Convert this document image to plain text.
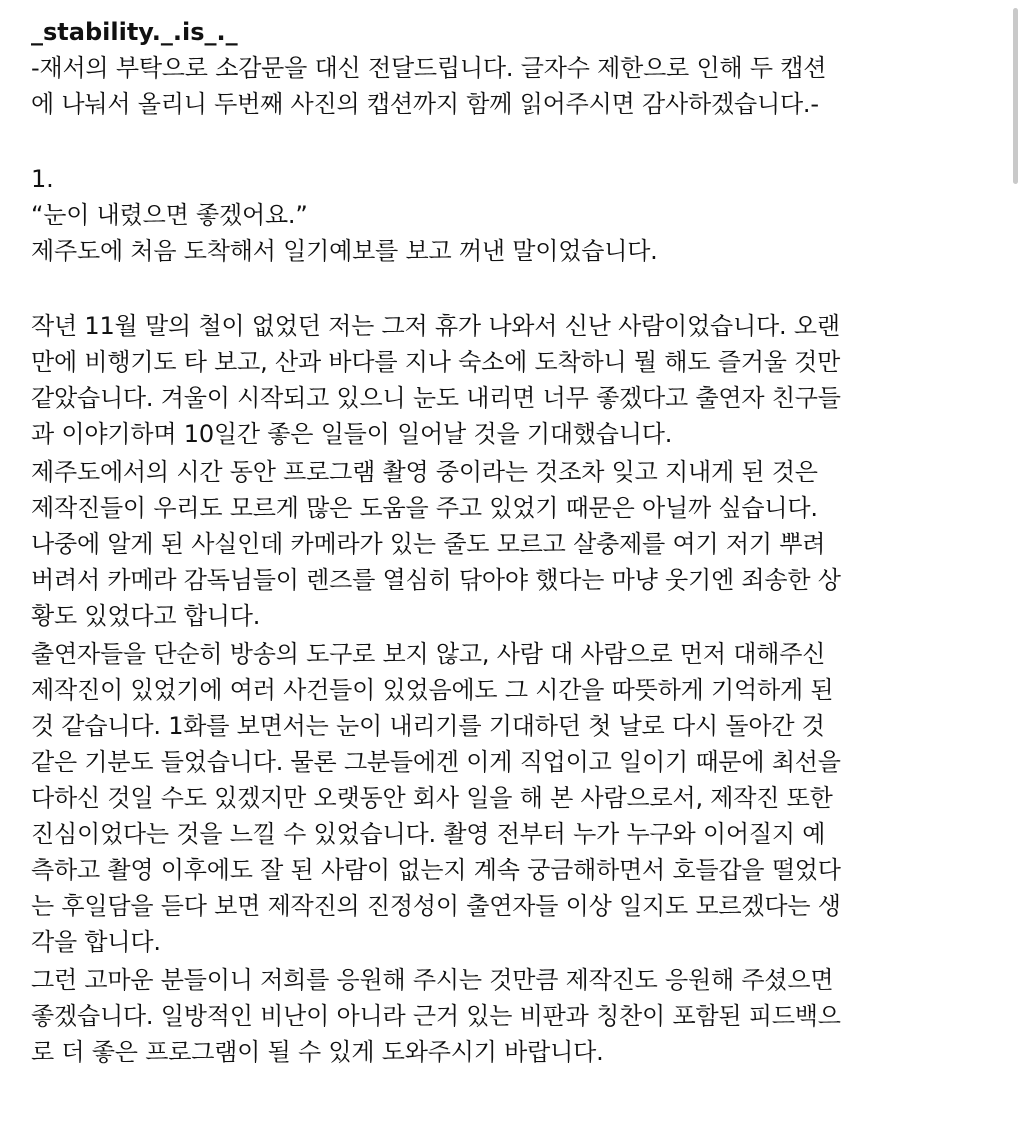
_stability._.is_._
-재서의 부탁으로 소감문을 대신 전달드립니다. 글자수 제한으로 인해 두 캡션
에 나눠서 올리니 두번째 사진의 캡션까지 함께 읽어주시면 감사하겠습니다.-
1.
“눈이 내렸으면 좋겠어요.”
제주도에 처음 도착해서 일기예보를 보고 꺼낸 말이었습니다.
작년 11월 말의 철이 없었던 저는 그저 휴가 나와서 신난 사람이었습니다. 오랜
만에 비행기도 타 보고, 산과 바다를 지나 숙소에 도착하니 뭘 해도 즐거울 것만
같았습니다. 겨울이 시작되고 있으니 눈도 내리면 너무 좋겠다고 출연자 친구들
과 이야기하며 10일간 좋은 일들이 일어날 것을 기대했습니다.
제주도에서의 시간 동안 프로그램 촬영 중이라는 것조차 잊고 지내게 된 것은
제작진들이 우리도 모르게 많은 도움을 주고 있었기 때문은 아닐까 싶습니다.
나중에 알게 된 사실인데 카메라가 있는 줄도 모르고 살충제를 여기 저기 뿌려
버려서 카메라 감독님들이 렌즈를 열심히 닦아야 했다는 마냥 웃기엔 죄송한 상
황도 있었다고 합니다.
출연자들을 단순히 방송의 도구로 보지 않고, 사람 대 사람으로 먼저 대해주신
제작진이 있었기에 여러 사건들이 있었음에도 그 시간을 따뜻하게 기억하게 된
것 같습니다. 1화를 보면서는 눈이 내리기를 기대하던 첫 날로 다시 돌아간 것
같은 기분도 들었습니다. 물론 그분들에겐 이게 직업이고 일이기 때문에 최선을
다하신 것일 수도 있겠지만 오랫동안 회사 일을 해 본 사람으로서, 제작진 또한
진심이었다는 것을 느낄 수 있었습니다. 촬영 전부터 누가 누구와 이어질지 예
측하고 촬영 이후에도 잘 된 사람이 없는지 계속 궁금해하면서 호들갑을 떨었다
는 후일담을 듣다 보면 제작진의 진정성이 출연자들 이상 일지도 모르겠다는 생
각을 합니다.
그런 고마운 분들이니 저희를 응원해 주시는 것만큼 제작진도 응원해 주셨으면
좋겠습니다. 일방적인 비난이 아니라 근거 있는 비판과 칭찬이 포함된 피드백으
로 더 좋은 프로그램이 될 수 있게 도와주시기 바랍니다.
